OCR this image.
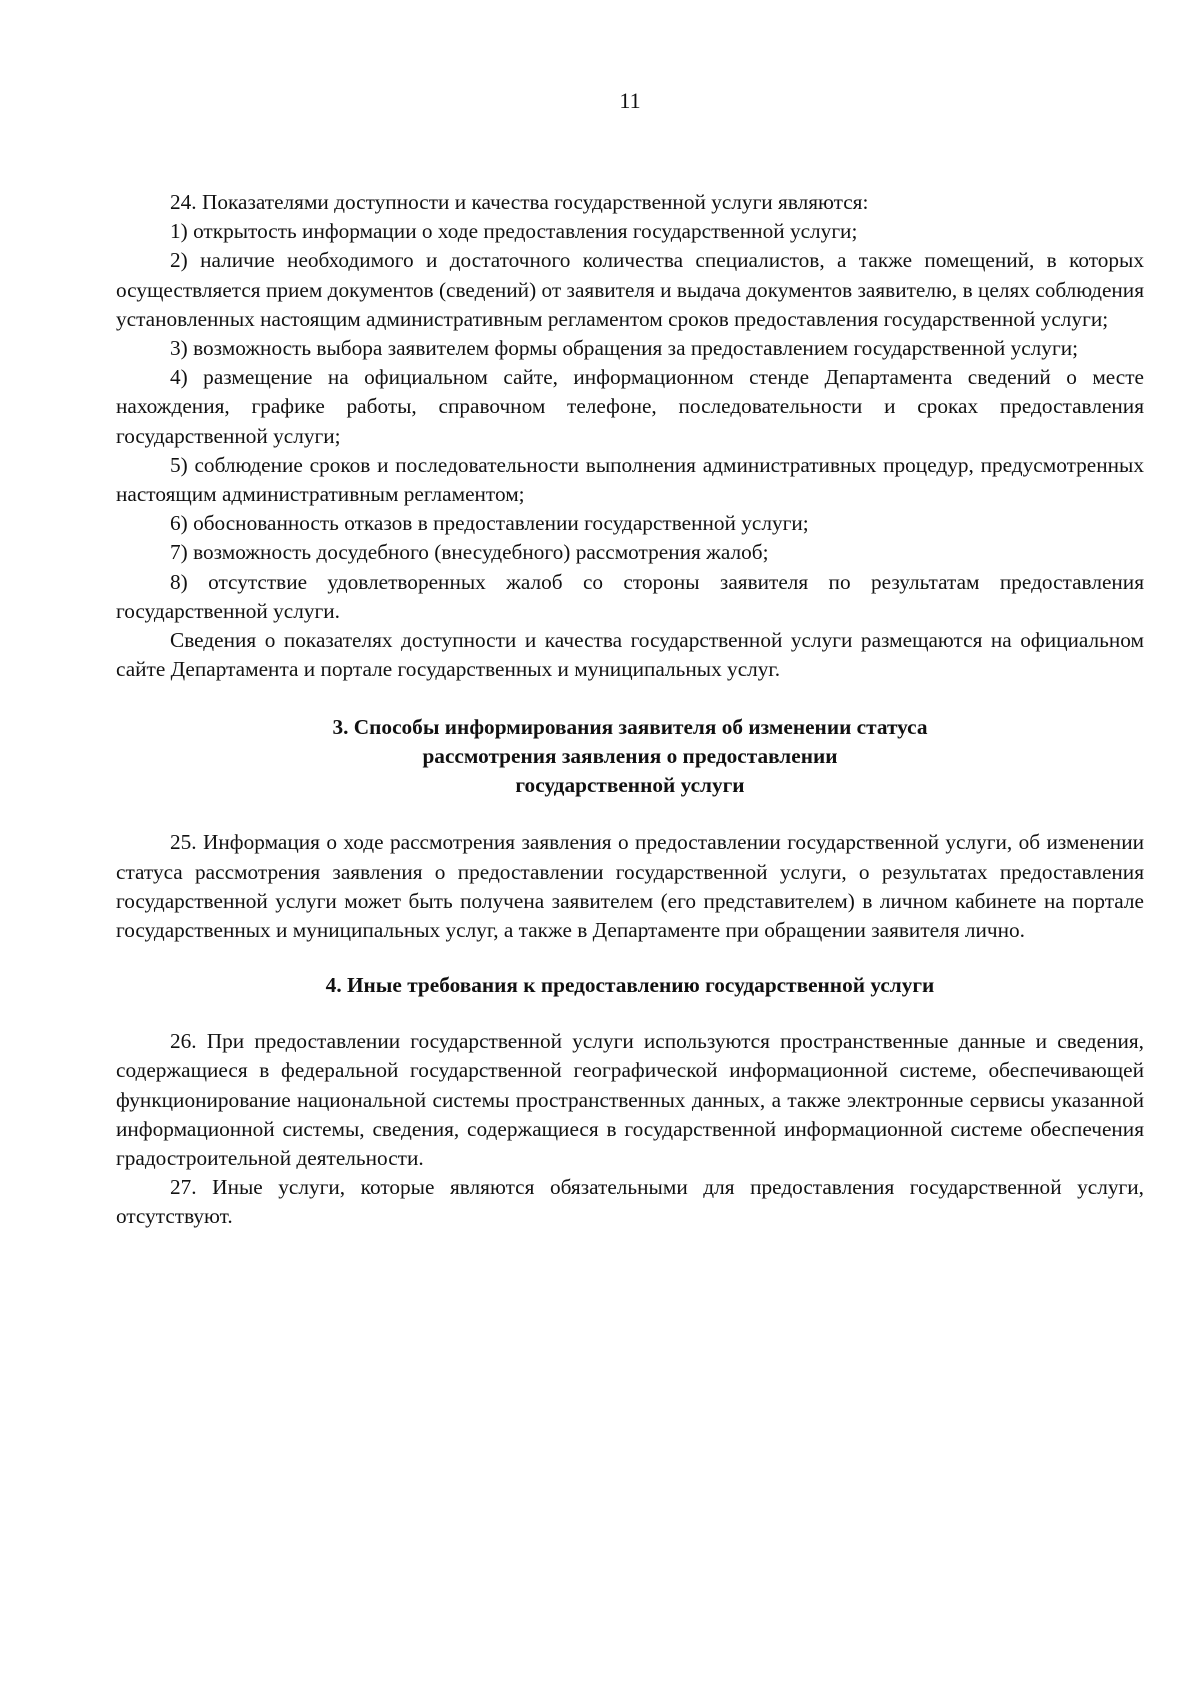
11

24. Показателями доступности и качества государственной услуги являются:

1) открытость информации о ходе предоставления государственной услуги;

2) наличие необходимого и достаточного количества специалистов, а также помещений, в которых осуществляется прием документов (сведений) от заявителя и выдача документов заявителю, в целях соблюдения установленных настоящим административным регламентом сроков предоставления государственной услуги;

3) возможность выбора заявителем формы обращения за предоставлением государственной услуги;

4) размещение на официальном сайте, информационном стенде Департамента сведений о месте нахождения, графике работы, справочном телефоне, последовательности и сроках предоставления государственной услуги;

5) соблюдение сроков и последовательности выполнения административных процедур, предусмотренных настоящим административным регламентом;

6) обоснованность отказов в предоставлении государственной услуги;

7) возможность досудебного (внесудебного) рассмотрения жалоб;

8) отсутствие удовлетворенных жалоб со стороны заявителя по результатам предоставления государственной услуги.

Сведения о показателях доступности и качества государственной услуги размещаются на официальном сайте Департамента и портале государственных и муниципальных услуг.

3. Способы информирования заявителя об изменении статуса
рассмотрения заявления о предоставлении
государственной услуги

25. Информация о ходе рассмотрения заявления о предоставлении государственной услуги, об изменении статуса рассмотрения заявления о предоставлении государственной услуги, о результатах предоставления государственной услуги может быть получена заявителем (его представителем) в личном кабинете на портале государственных и муниципальных услуг, а также в Департаменте при обращении заявителя лично.

4. Иные требования к предоставлению государственной услуги

26. При предоставлении государственной услуги используются пространственные данные и сведения, содержащиеся в федеральной государственной географической информационной системе, обеспечивающей функционирование национальной системы пространственных данных, а также электронные сервисы указанной информационной системы, сведения, содержащиеся в государственной информационной системе обеспечения градостроительной деятельности.

27. Иные услуги, которые являются обязательными для предоставления государственной услуги, отсутствуют.
